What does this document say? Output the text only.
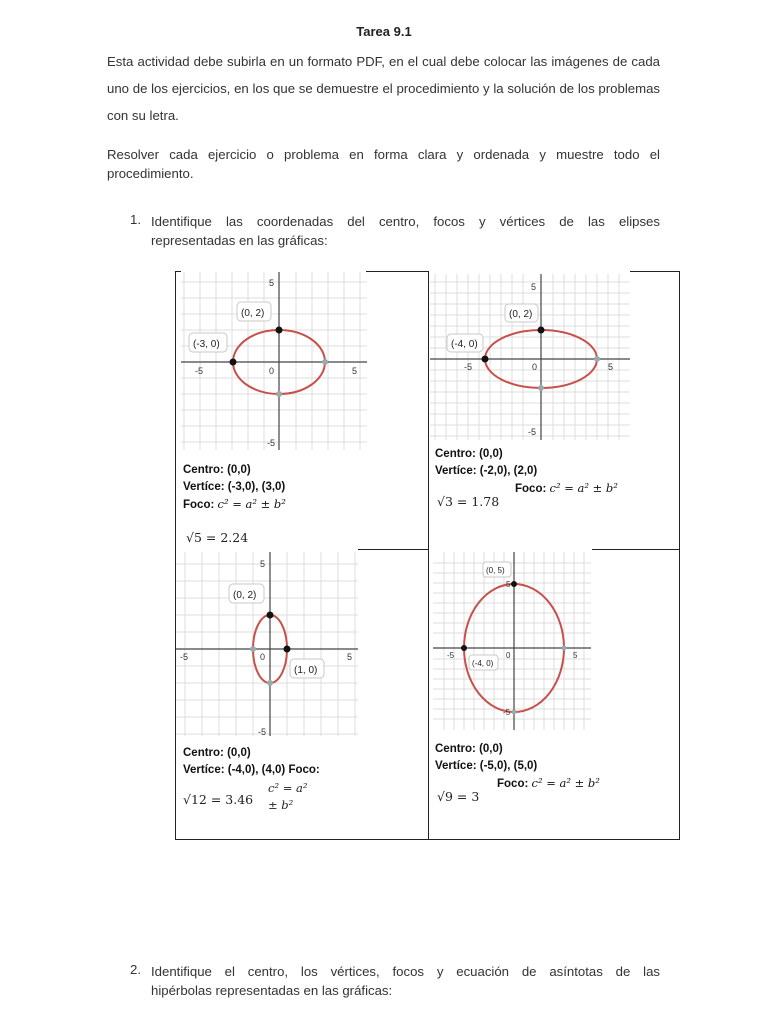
Tarea 9.1
Esta actividad debe subirla en un formato PDF, en el cual debe colocar las imágenes de cada uno de los ejercicios, en los que se demuestre el procedimiento y la solución de los problemas con su letra.
Resolver cada ejercicio o problema en forma clara y ordenada y muestre todo el procedimiento.
1. Identifique las coordenadas del centro, focos y vértices de las elipses
representadas en las gráficas:
5
-5	0	5
-5
(0, 2)
(-3, 0)
Centro: (0,0)
Vertíce: (-3,0), (3,0)
Foco: c² = a² ± b²
√5 = 2.24
5
-5	0	5
-5
(0, 2)
(-4, 0)
Centro: (0,0)
Vertíce: (-2,0), (2,0)
Foco: c² = a² ± b²
√3 = 1.78
5
-5	0	5
-5
(0, 2)
(1, 0)
Centro: (0,0)
Vertíce: (-4,0), (4,0) Foco:
c² = a²
± b²
√12 = 3.46
5
-5	0	5
-5
(0, 5)
(-4, 0)
Centro: (0,0)
Vertíce: (-5,0), (5,0)
Foco: c² = a² ± b²
√9 = 3
2. Identifique el centro, los vértices, focos y ecuación de asíntotas de las
hipérbolas representadas en las gráficas:
